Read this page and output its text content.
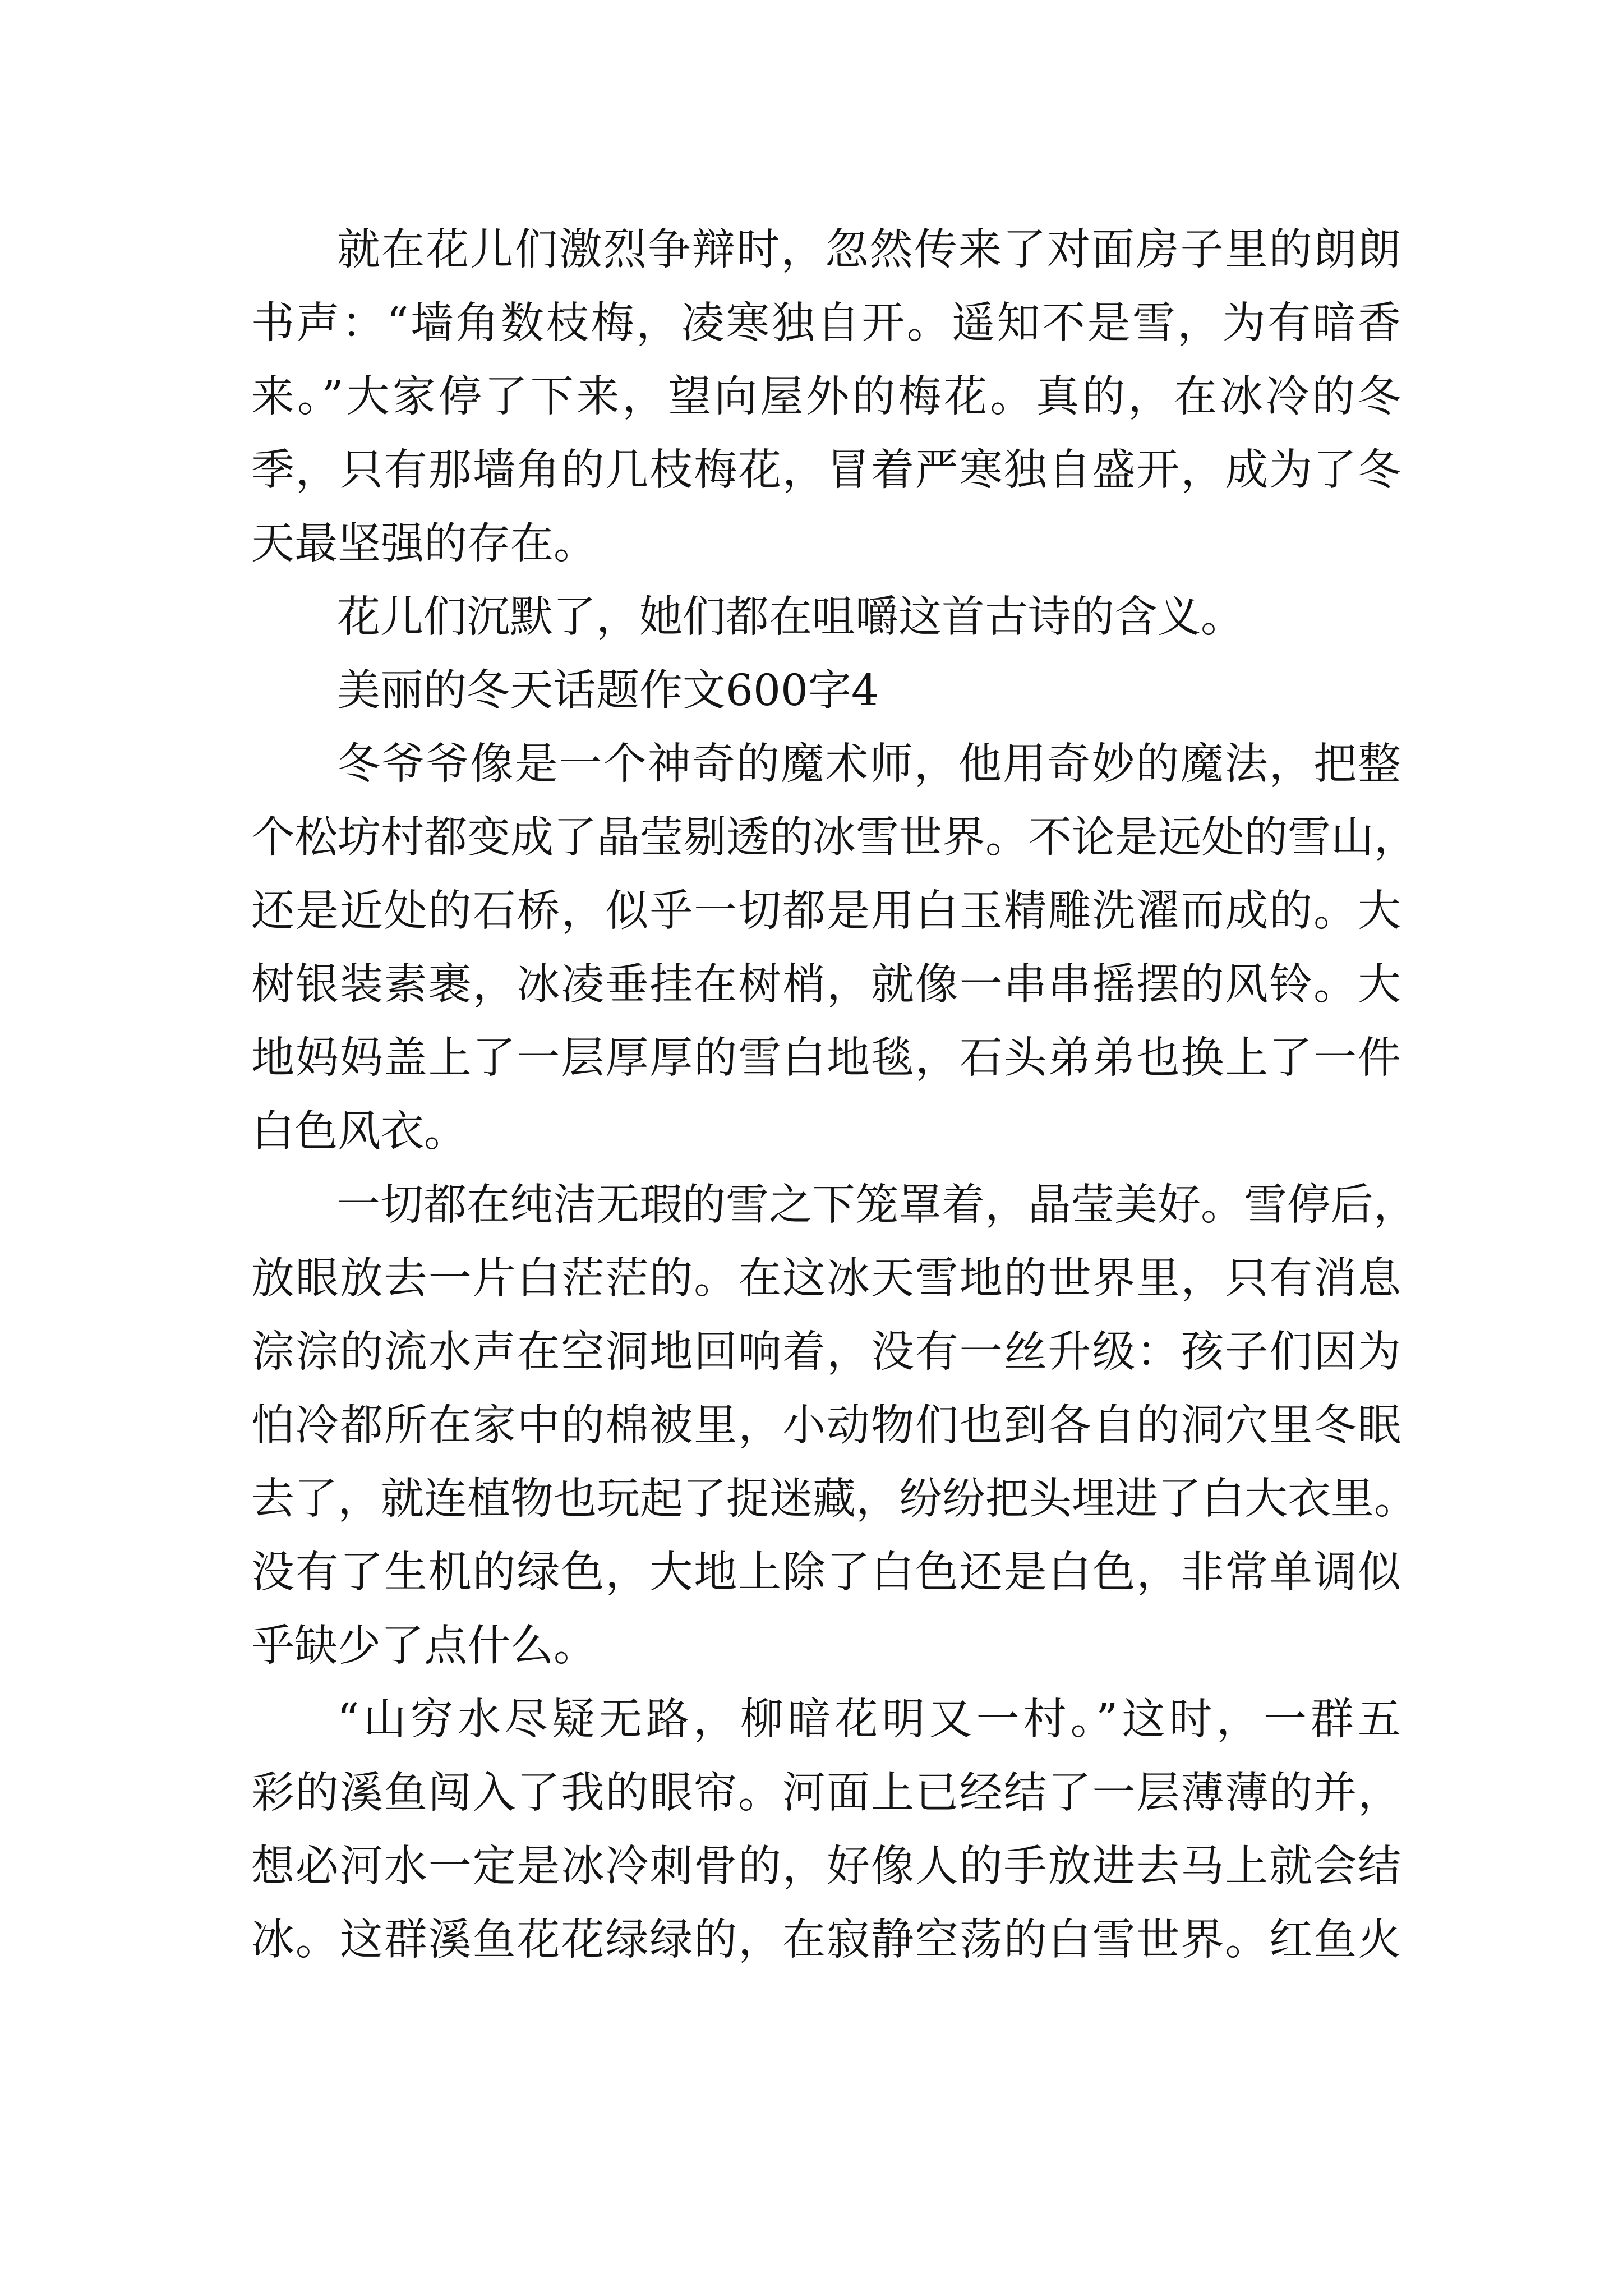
就在花儿们激烈争辩时，忽然传来了对面房子里的朗朗
书声：“墙角数枝梅，凌寒独自开。遥知不是雪，为有暗香
来。”大家停了下来，望向屋外的梅花。真的，在冰冷的冬
季，只有那墙角的几枝梅花，冒着严寒独自盛开，成为了冬
天最坚强的存在。
花儿们沉默了，她们都在咀嚼这首古诗的含义。
美丽的冬天话题作文600字4
冬爷爷像是一个神奇的魔术师，他用奇妙的魔法，把整
个松坊村都变成了晶莹剔透的冰雪世界。不论是远处的雪山，
还是近处的石桥，似乎一切都是用白玉精雕洗濯而成的。大
树银装素裹，冰凌垂挂在树梢，就像一串串摇摆的风铃。大
地妈妈盖上了一层厚厚的雪白地毯，石头弟弟也换上了一件
白色风衣。
一切都在纯洁无瑕的雪之下笼罩着，晶莹美好。雪停后，
放眼放去一片白茫茫的。在这冰天雪地的世界里，只有消息
淙淙的流水声在空洞地回响着，没有一丝升级：孩子们因为
怕冷都所在家中的棉被里，小动物们也到各自的洞穴里冬眠
去了，就连植物也玩起了捉迷藏，纷纷把头埋进了白大衣里。
没有了生机的绿色，大地上除了白色还是白色，非常单调似
乎缺少了点什么。
“山穷水尽疑无路，柳暗花明又一村。”这时，一群五
彩的溪鱼闯入了我的眼帘。河面上已经结了一层薄薄的并，
想必河水一定是冰冷刺骨的，好像人的手放进去马上就会结
冰。这群溪鱼花花绿绿的，在寂静空荡的白雪世界。红鱼火
